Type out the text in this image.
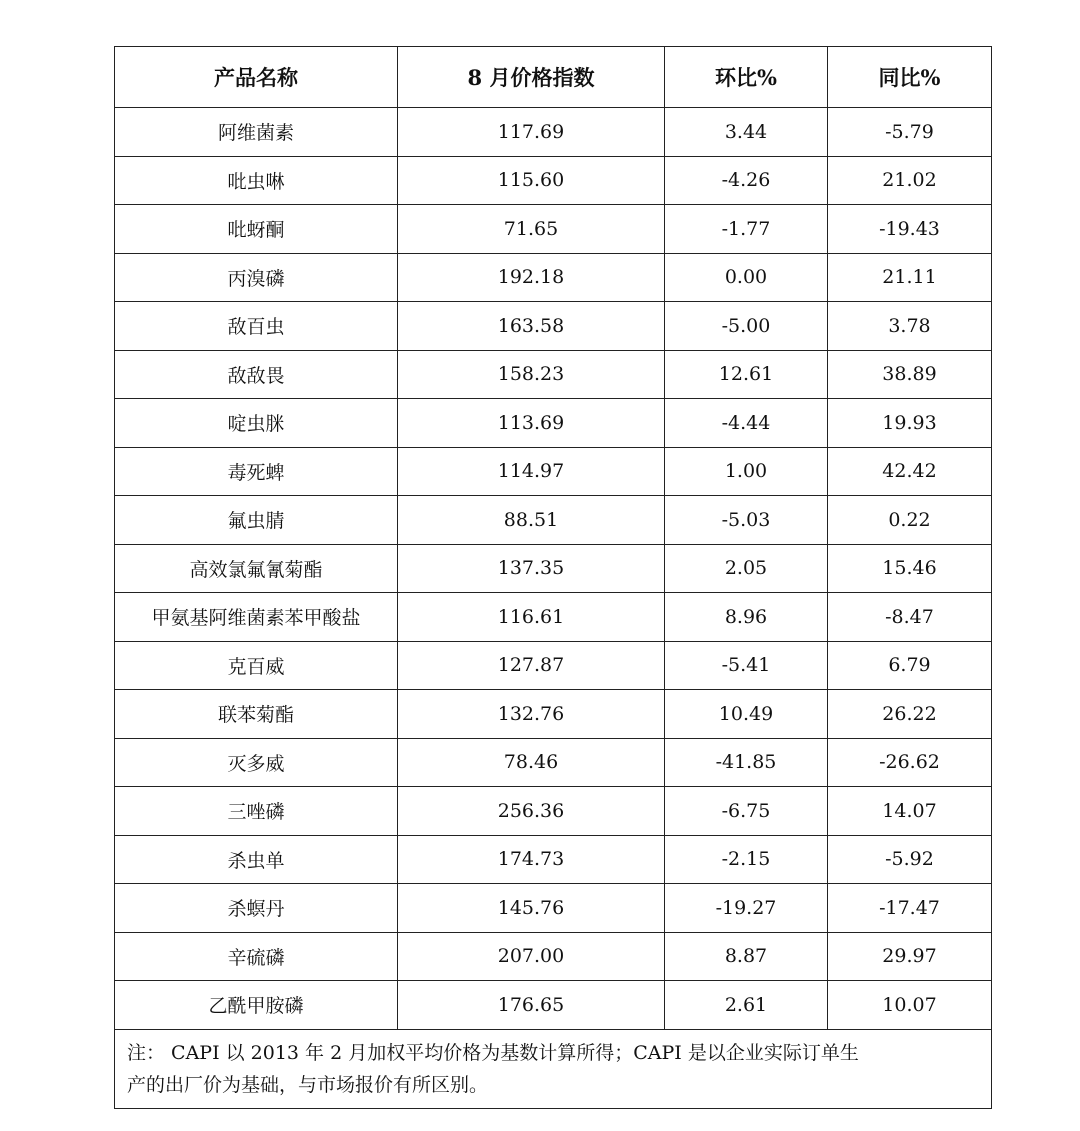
产品名称	8 月价格指数	环比%	同比%
阿维菌素	117.69	3.44	-5.79
吡虫啉	115.60	-4.26	21.02
吡蚜酮	71.65	-1.77	-19.43
丙溴磷	192.18	0.00	21.11
敌百虫	163.58	-5.00	3.78
敌敌畏	158.23	12.61	38.89
啶虫脒	113.69	-4.44	19.93
毒死蜱	114.97	1.00	42.42
氟虫腈	88.51	-5.03	0.22
高效氯氟氰菊酯	137.35	2.05	15.46
甲氨基阿维菌素苯甲酸盐	116.61	8.96	-8.47
克百威	127.87	-5.41	6.79
联苯菊酯	132.76	10.49	26.22
灭多威	78.46	-41.85	-26.62
三唑磷	256.36	-6.75	14.07
杀虫单	174.73	-2.15	-5.92
杀螟丹	145.76	-19.27	-17.47
辛硫磷	207.00	8.87	29.97
乙酰甲胺磷	176.65	2.61	10.07

注： CAPI 以 2013 年 2 月加权平均价格为基数计算所得；CAPI 是以企业实际订单生
产的出厂价为基础，与市场报价有所区别。			
